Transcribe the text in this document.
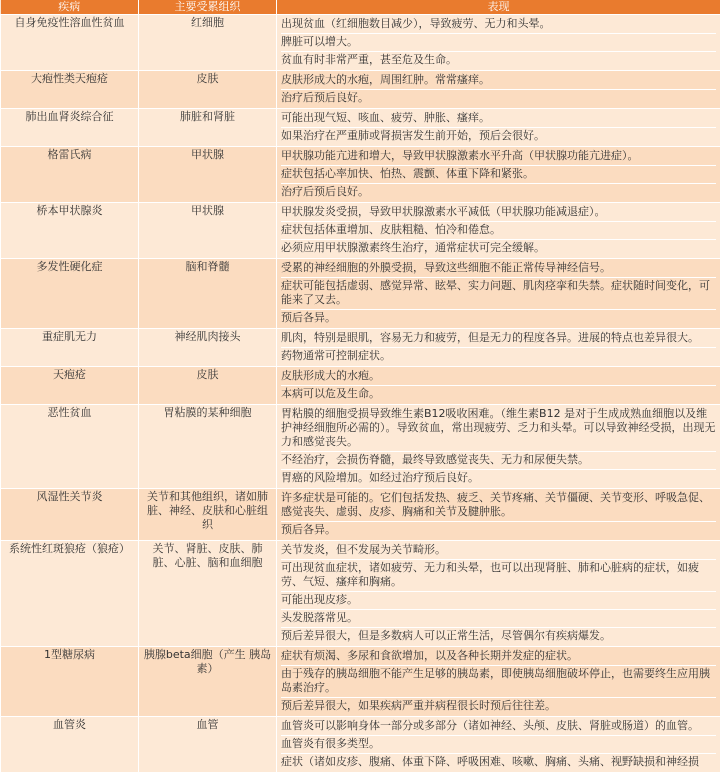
疾病	主要受累组织	表现
自身免疫性溶血性贫血	红细胞	出现贫血（红细胞数目减少），导致疲劳、无力和头晕。
脾脏可以增大。
贫血有时非常严重，甚至危及生命。

大疱性类天疱疮	皮肤	皮肤形成大的水疱，周围红肿。常常瘙痒。
治疗后预后良好。

肺出血肾炎综合征	肺脏和肾脏	可能出现气短、咳血、疲劳、肿胀、瘙痒。
如果治疗在严重肺或肾损害发生前开始，预后会很好。

格雷氏病	甲状腺	甲状腺功能亢进和增大，导致甲状腺激素水平升高（甲状腺功能亢进症）。
症状包括心率加快、怕热、震颤、体重下降和紧张。
治疗后预后良好。

桥本甲状腺炎	甲状腺	甲状腺发炎受损，导致甲状腺激素水平减低（甲状腺功能减退症）。
症状包括体重增加、皮肤粗糙、怕冷和倦怠。
必须应用甲状腺激素终生治疗，通常症状可完全缓解。

多发性硬化症	脑和脊髓	受累的神经细胞的外膜受损，导致这些细胞不能正常传导神经信号。
症状可能包括虚弱、感觉异常、眩晕、实力问题、肌肉痉挛和失禁。症状随时间变化，可能来了又去。
预后各异。

重症肌无力	神经肌肉接头	肌肉，特别是眼肌，容易无力和疲劳，但是无力的程度各异。进展的特点也差异很大。
药物通常可控制症状。

天疱疮	皮肤	皮肤形成大的水疱。
本病可以危及生命。

恶性贫血	胃粘膜的某种细胞	胃粘膜的细胞受损导致维生素B12吸收困难。（维生素B12 是对于生成成熟血细胞以及维护神经细胞所必需的）。导致贫血，常出现疲劳、乏力和头晕。可以导致神经受损，出现无力和感觉丧失。
不经治疗，会损伤脊髓，最终导致感觉丧失、无力和尿便失禁。
胃癌的风险增加。如经过治疗预后良好。

风湿性关节炎	关节和其他组织，诸如肺脏、神经、皮肤和心脏组织	许多症状是可能的。它们包括发热、疲乏、关节疼痛、关节僵硬、关节变形、呼吸急促、感觉丧失、虚弱、皮疹、胸痛和关节及腱肿胀。
预后各异。

系统性红斑狼疮（狼疮）	关节、肾脏、皮肤、肺脏、心脏、脑和血细胞	关节发炎，但不发展为关节畸形。
可出现贫血症状，诸如疲劳、无力和头晕，也可以出现肾脏、肺和心脏病的症状，如疲劳、气短、瘙痒和胸痛。
可能出现皮疹。
头发脱落常见。
预后差异很大，但是多数病人可以正常生活，尽管偶尔有疾病爆发。

1型糖尿病	胰腺beta细胞（产生 胰岛素）	症状有烦渴、多尿和食欲增加，以及各种长期并发症的症状。
由于残存的胰岛细胞不能产生足够的胰岛素，即使胰岛细胞破坏停止，也需要终生应用胰岛素治疗。
预后差异很大，如果疾病严重并病程很长时预后往往差。

血管炎	血管	血管炎可以影响身体一部分或多部分（诸如神经、头颅、皮肤、肾脏或肠道）的血管。
血管炎有很多类型。
症状（诸如皮疹、腹痛、体重下降、呼吸困难、咳嗽、胸痛、头痛、视野缺损和神经损
